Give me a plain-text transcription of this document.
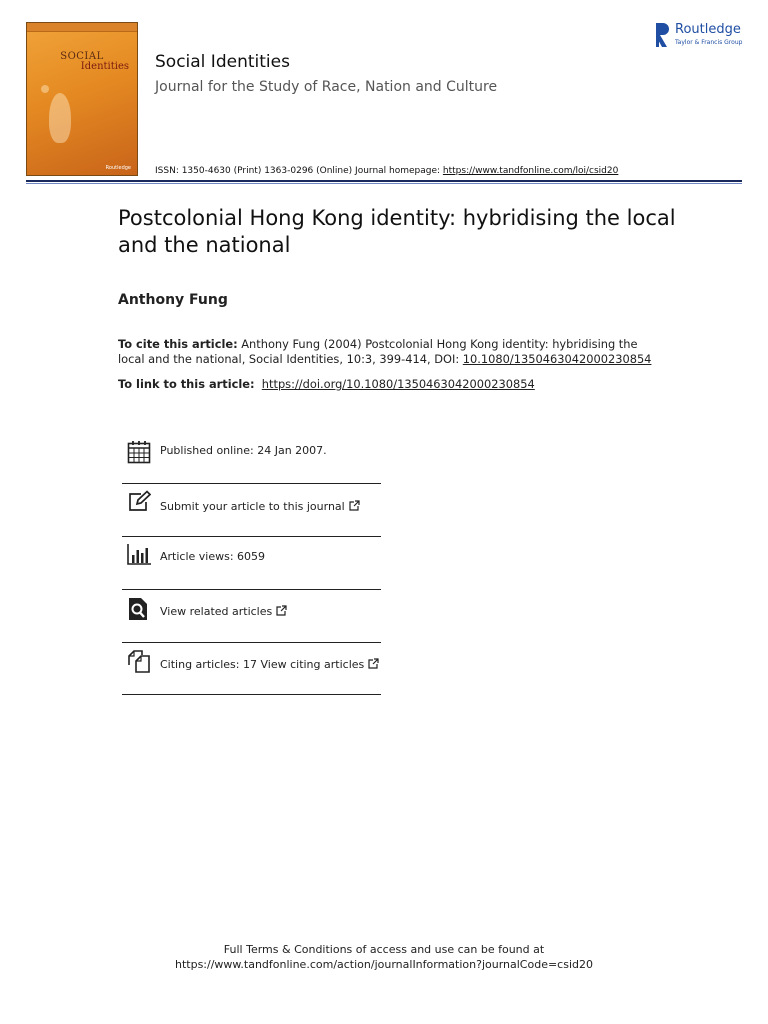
SOCIAL
Identities
Routledge
Social Identities
Journal for the Study of Race, Nation and Culture
ISSN: 1350-4630 (Print) 1363-0296 (Online) Journal homepage: https://www.tandfonline.com/loi/csid20
Routledge
Taylor & Francis Group
Postcolonial Hong Kong identity: hybridising the local and the national
Anthony Fung
To cite this article: Anthony Fung (2004) Postcolonial Hong Kong identity: hybridising the local and the national, Social Identities, 10:3, 399-414, DOI: 10.1080/1350463042000230854
To link to this article: https://doi.org/10.1080/1350463042000230854
Published online: 24 Jan 2007.
Submit your article to this journal
Article views: 6059
View related articles
Citing articles: 17 View citing articles
Full Terms & Conditions of access and use can be found at
https://www.tandfonline.com/action/journalInformation?journalCode=csid20
